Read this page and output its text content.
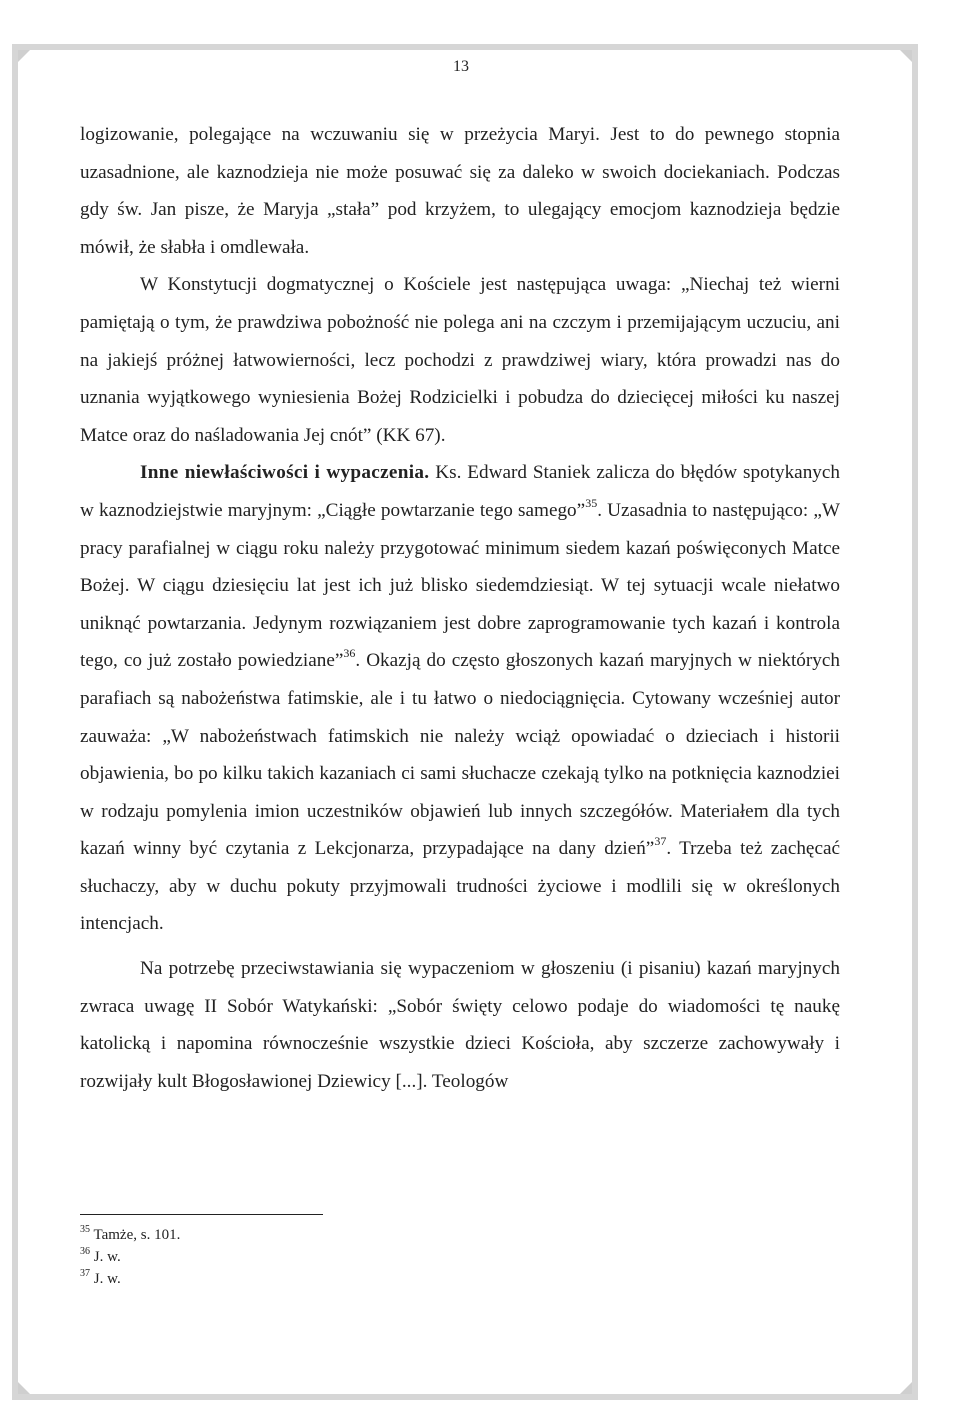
13

logizowanie, polegające na wczuwaniu się w przeżycia Maryi. Jest to do pewnego stopnia uzasadnione, ale kaznodzieja nie może posuwać się za daleko w swoich dociekaniach. Podczas gdy św. Jan pisze, że Maryja „stała” pod krzyżem, to ulegający emocjom kaznodzieja będzie mówił, że słabła i omdlewała.

W Konstytucji dogmatycznej o Kościele jest następująca uwaga: „Niechaj też wierni pamiętają o tym, że prawdziwa pobożność nie polega ani na czczym i przemijającym uczuciu, ani na jakiejś próżnej łatwowierności, lecz pochodzi z prawdziwej wiary, która prowadzi nas do uznania wyjątkowego wyniesienia Bożej Rodzicielki i pobudza do dziecięcej miłości ku naszej Matce oraz do naśladowania Jej cnót” (KK 67).

Inne niewłaściwości i wypaczenia. Ks. Edward Staniek zalicza do błędów spotykanych w kaznodziejstwie maryjnym: „Ciągłe powtarzanie tego samego”$^{35}$. Uzasadnia to następująco: „W pracy parafialnej w ciągu roku należy przygotować minimum siedem kazań poświęconych Matce Bożej. W ciągu dziesięciu lat jest ich już blisko siedemdziesiąt. W tej sytuacji wcale niełatwo uniknąć powtarzania. Jedynym rozwiązaniem jest dobre zaprogramowanie tych kazań i kontrola tego, co już zostało powiedziane”$^{36}$. Okazją do często głoszonych kazań maryjnych w niektórych parafiach są nabożeństwa fatimskie, ale i tu łatwo o niedociągnięcia. Cytowany wcześniej autor zauważa: „W nabożeństwach fatimskich nie należy wciąż opowiadać o dzieciach i historii objawienia, bo po kilku takich kazaniach ci sami słuchacze czekają tylko na potknięcia kaznodziei w rodzaju pomylenia imion uczestników objawień lub innych szczegółów. Materiałem dla tych kazań winny być czytania z Lekcjonarza, przypadające na dany dzień”$^{37}$. Trzeba też zachęcać słuchaczy, aby w duchu pokuty przyjmowali trudności życiowe i modlili się w określonych intencjach.

Na potrzebę przeciwstawiania się wypaczeniom w głoszeniu (i pisaniu) kazań maryjnych zwraca uwagę II Sobór Watykański: „Sobór święty celowo podaje do wiadomości tę naukę katolicką i napomina równocześnie wszystkie dzieci Kościoła, aby szczerze zachowywały i rozwijały kult Błogosławionej Dziewicy [...]. Teologów

$^{35}$ Tamże, s. 101.
$^{36}$ J. w.
$^{37}$ J. w.
